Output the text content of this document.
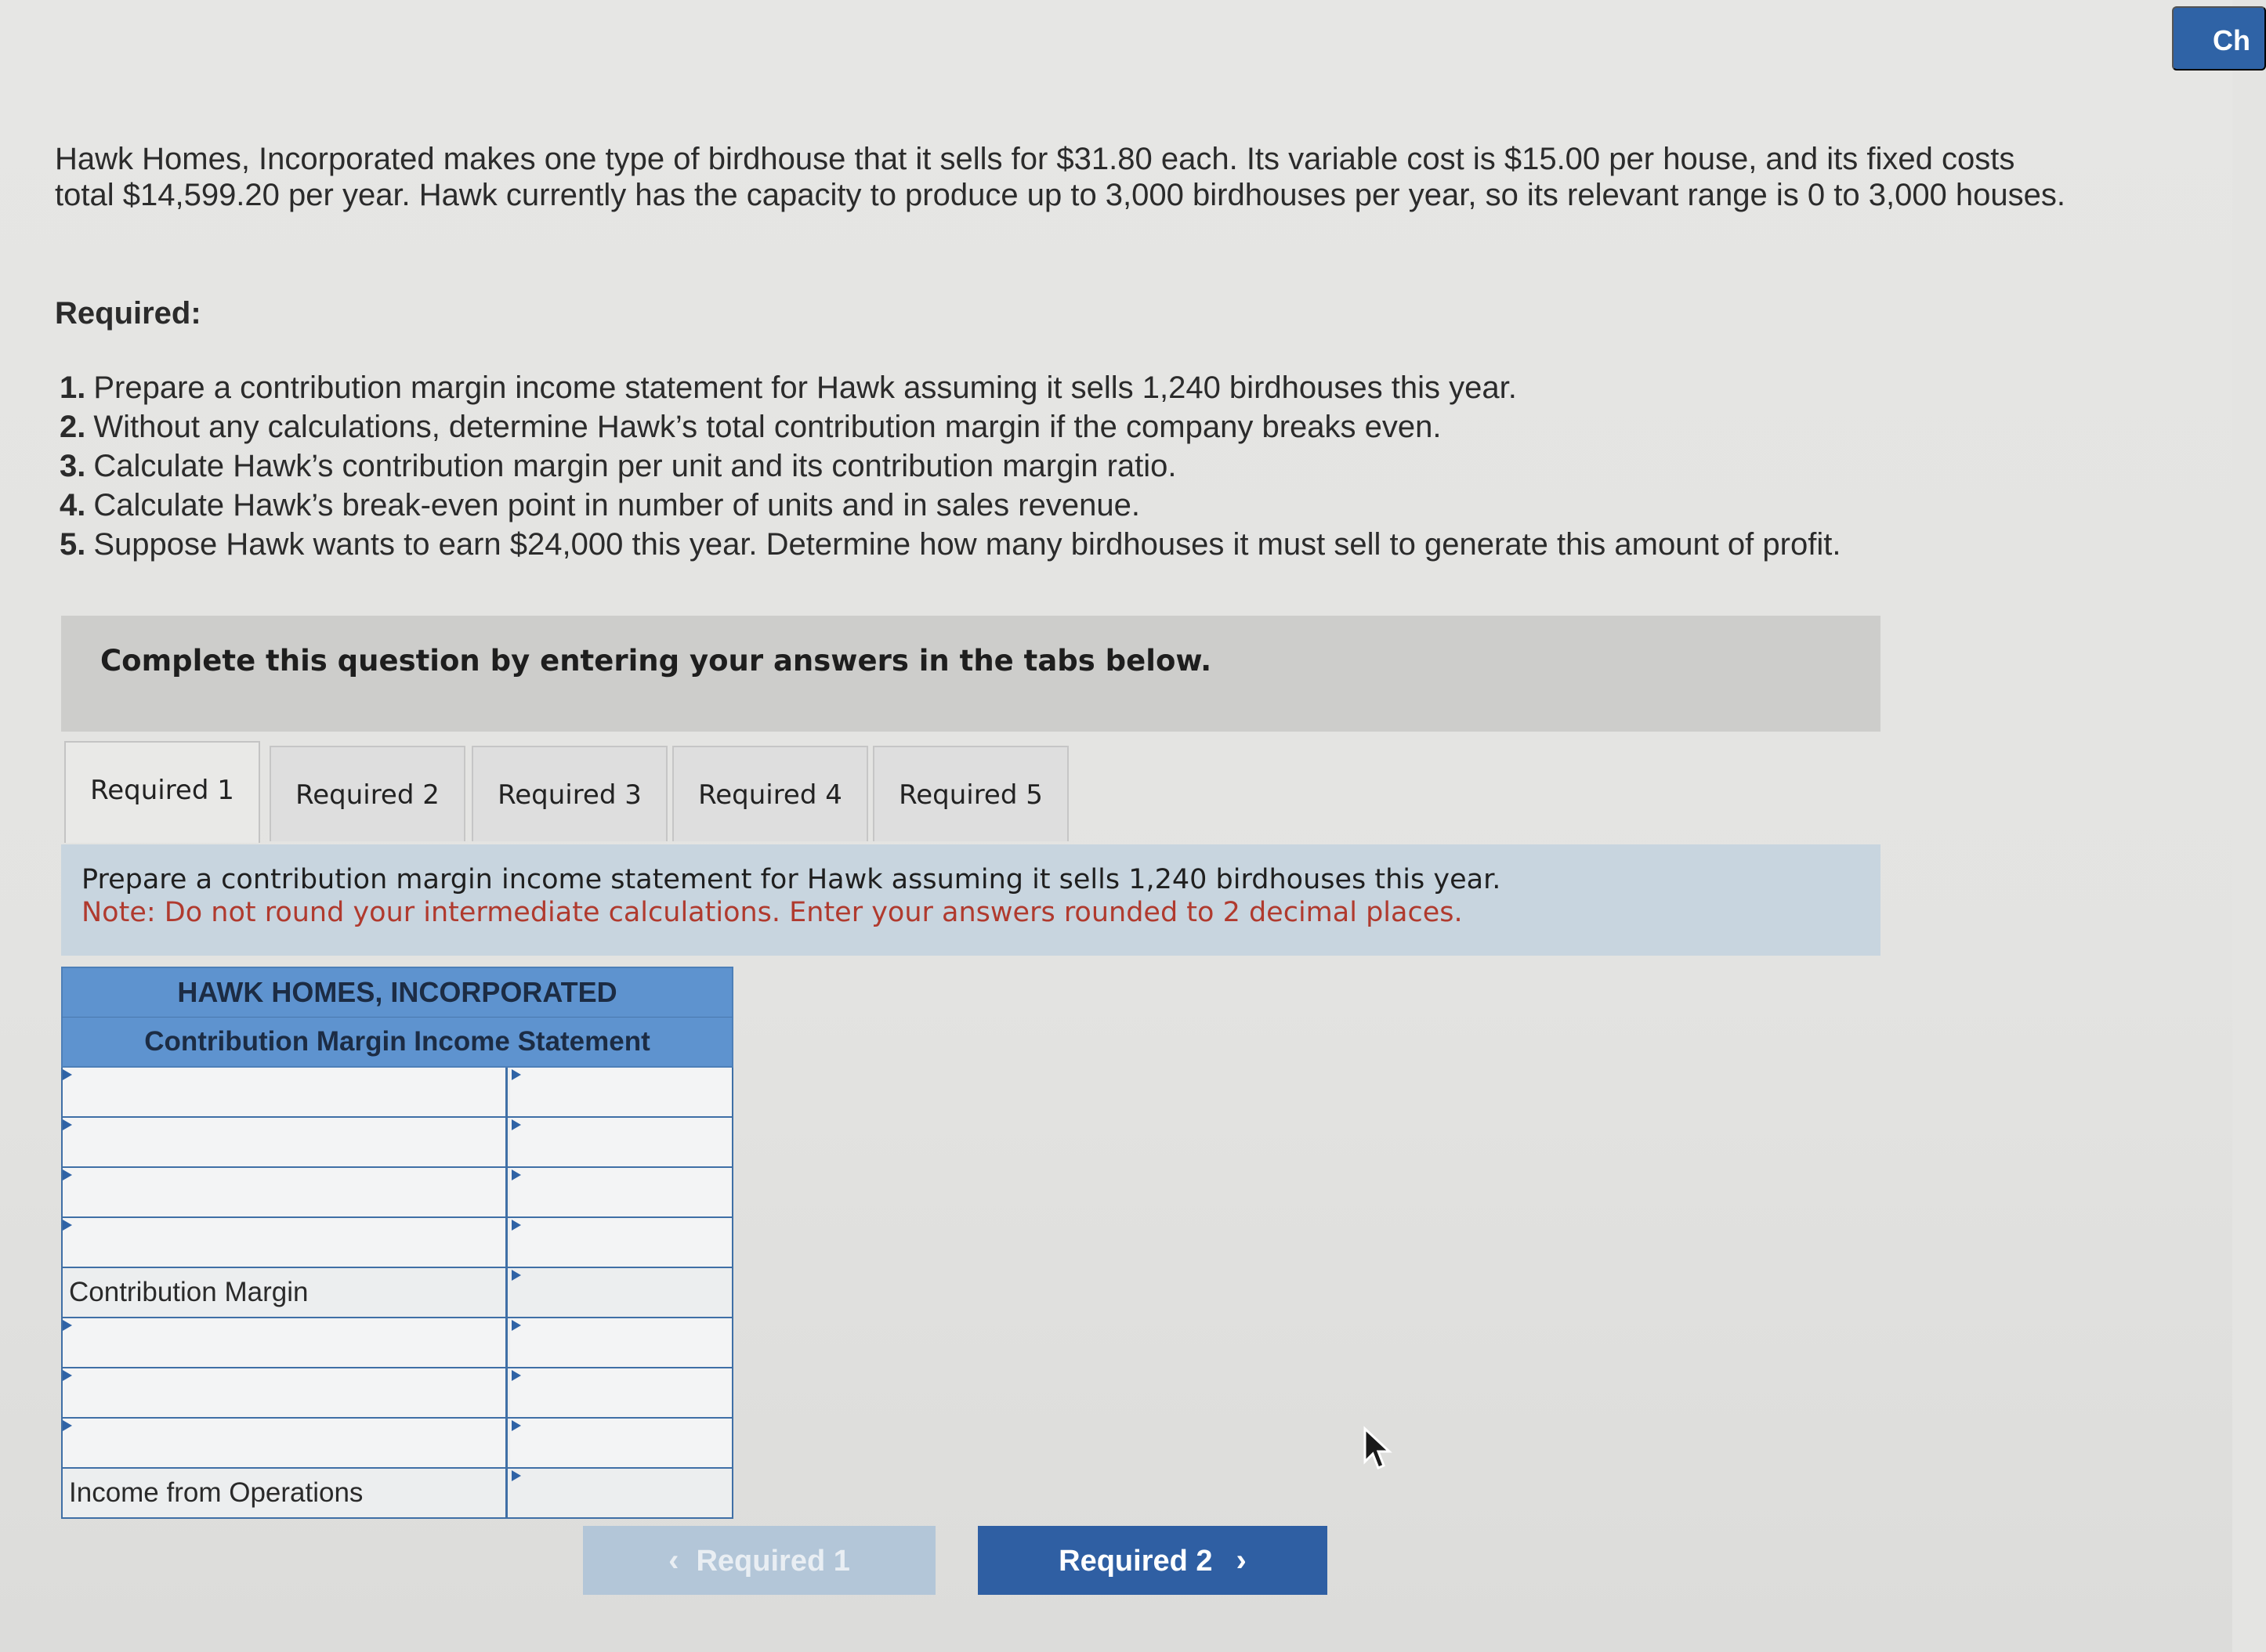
Ch
Hawk Homes, Incorporated makes one type of birdhouse that it sells for $31.80 each. Its variable cost is $15.00 per house, and its fixed costs total $14,599.20 per year. Hawk currently has the capacity to produce up to 3,000 birdhouses per year, so its relevant range is 0 to 3,000 houses.
Required:
1. Prepare a contribution margin income statement for Hawk assuming it sells 1,240 birdhouses this year.
2. Without any calculations, determine Hawk’s total contribution margin if the company breaks even.
3. Calculate Hawk’s contribution margin per unit and its contribution margin ratio.
4. Calculate Hawk’s break-even point in number of units and in sales revenue.
5. Suppose Hawk wants to earn $24,000 this year. Determine how many birdhouses it must sell to generate this amount of profit.
Complete this question by entering your answers in the tabs below.
Required 1	Required 2	Required 3	Required 4	Required 5
Prepare a contribution margin income statement for Hawk assuming it sells 1,240 birdhouses this year.
Note: Do not round your intermediate calculations. Enter your answers rounded to 2 decimal places.
HAWK HOMES, INCORPORATED
Contribution Margin Income Statement
Contribution Margin
Income from Operations
‹ Required 1	Required 2 ›
